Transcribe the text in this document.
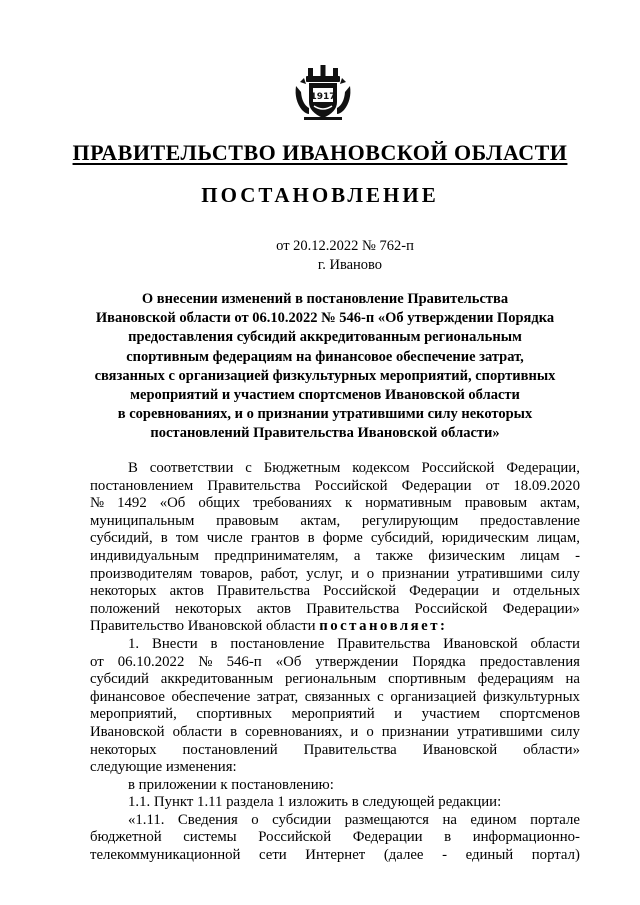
1917
ПРАВИТЕЛЬСТВО ИВАНОВСКОЙ ОБЛАСТИ
ПОСТАНОВЛЕНИЕ
от 20.12.2022 № 762-п
г. Иваново
О внесении изменений в постановление Правительства
Ивановской области от 06.10.2022 № 546-п «Об утверждении Порядка
предоставления субсидий аккредитованным региональным
спортивным федерациям на финансовое обеспечение затрат,
связанных с организацией физкультурных мероприятий, спортивных
мероприятий и участием спортсменов Ивановской области
в соревнованиях, и о признании утратившими силу некоторых
постановлений Правительства Ивановской области»
В соответствии с Бюджетным кодексом Российской Федерации,
постановлением Правительства Российской Федерации от 18.09.2020
№ 1492 «Об общих требованиях к нормативным правовым актам,
муниципальным правовым актам, регулирующим предоставление
субсидий, в том числе грантов в форме субсидий, юридическим лицам,
индивидуальным предпринимателям, а также физическим лицам -
производителям товаров, работ, услуг, и о признании утратившими силу
некоторых актов Правительства Российской Федерации и отдельных
положений некоторых актов Правительства Российской Федерации»
Правительство Ивановской области постановляет:
1. Внести в постановление Правительства Ивановской области
от 06.10.2022 № 546-п «Об утверждении Порядка предоставления
субсидий аккредитованным региональным спортивным федерациям на
финансовое обеспечение затрат, связанных с организацией физкультурных
мероприятий, спортивных мероприятий и участием спортсменов
Ивановской области в соревнованиях, и о признании утратившими силу
некоторых постановлений Правительства Ивановской области»
следующие изменения:
в приложении к постановлению:
1.1. Пункт 1.11 раздела 1 изложить в следующей редакции:
«1.11. Сведения о субсидии размещаются на едином портале
бюджетной системы Российской Федерации в информационно-
телекоммуникационной сети Интернет (далее - единый портал)
